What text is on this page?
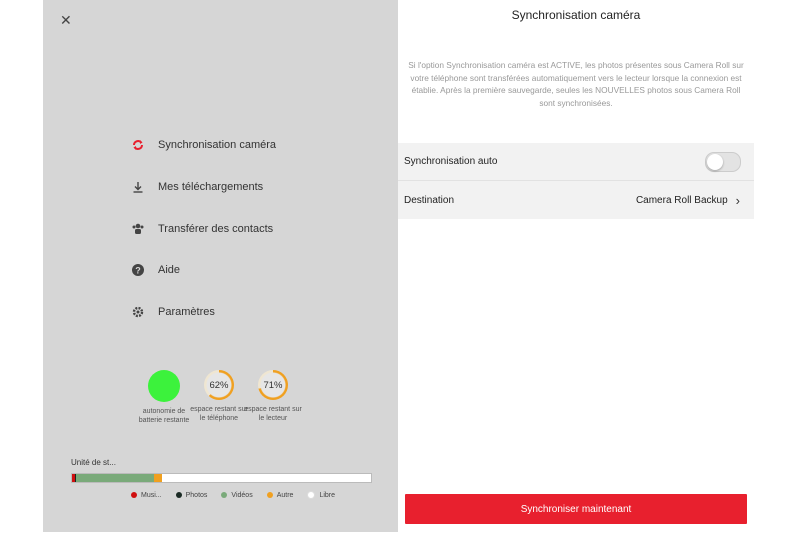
✕
Synchronisation caméra
Mes téléchargements
Transférer des contacts
? Aide
Paramètres
autonomie de batterie restante
62%
espace restant sur le téléphone
71%
espace restant sur le lecteur
Unité de st...
Musi...	Photos	Vidéos	Autre	Libre
Synchronisation caméra
Si l'option Synchronisation caméra est ACTIVE, les photos présentes sous Camera Roll sur votre téléphone sont transférées automatiquement vers le lecteur lorsque la connexion est établie. Après la première sauvegarde, seules les NOUVELLES photos sous Camera Roll sont synchronisées.
Synchronisation auto
Destination	Camera Roll Backup ›
Synchroniser maintenant
